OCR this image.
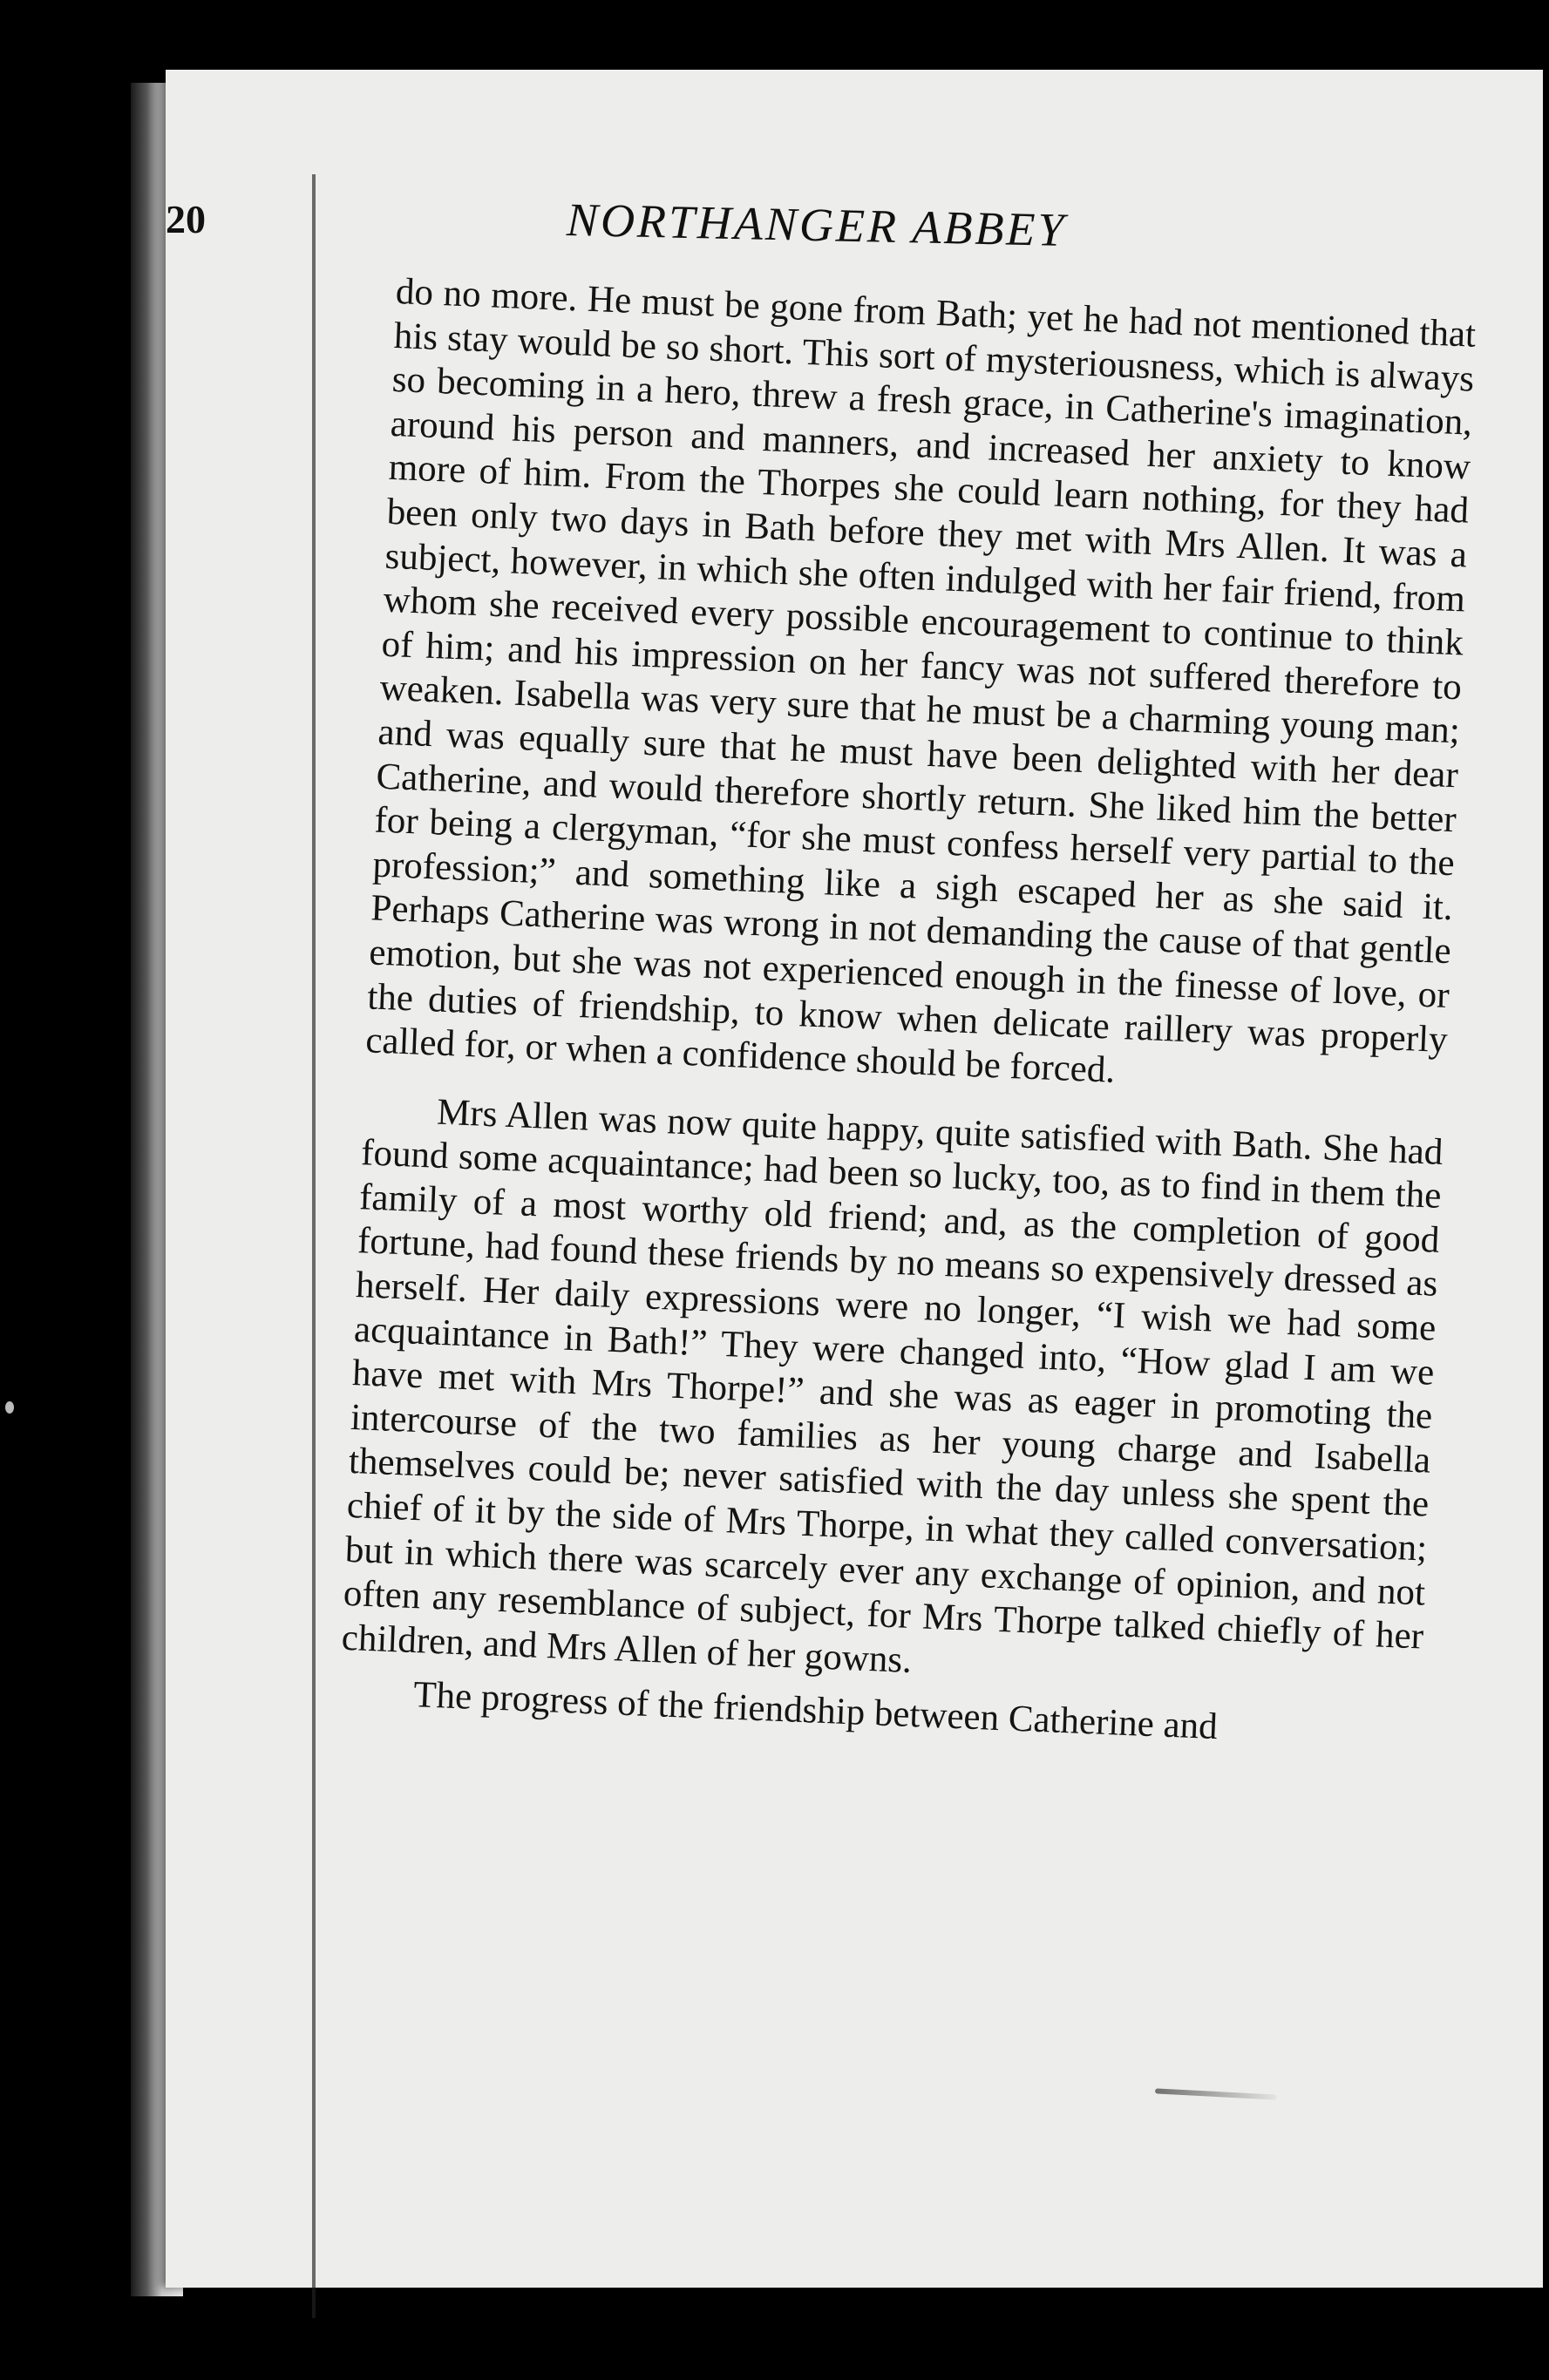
20	NORTHANGER ABBEY

do no more. He must be gone from Bath; yet he had not mentioned that his stay would be so short. This sort of mysteriousness, which is always so becoming in a hero, threw a fresh grace, in Catherine's imagination, around his person and manners, and increased her anxiety to know more of him. From the Thorpes she could learn nothing, for they had been only two days in Bath before they met with Mrs Allen. It was a subject, however, in which she often indulged with her fair friend, from whom she received every possible encouragement to continue to think of him; and his impression on her fancy was not suffered therefore to weaken. Isabella was very sure that he must be a charming young man; and was equally sure that he must have been delighted with her dear Catherine, and would therefore shortly return. She liked him the better for being a clergyman, “for she must confess herself very partial to the profession;” and something like a sigh escaped her as she said it. Perhaps Catherine was wrong in not demanding the cause of that gentle emotion, but she was not experienced enough in the finesse of love, or the duties of friendship, to know when delicate raillery was properly called for, or when a confidence should be forced.

Mrs Allen was now quite happy, quite satisfied with Bath. She had found some acquaintance; had been so lucky, too, as to find in them the family of a most worthy old friend; and, as the completion of good fortune, had found these friends by no means so expensively dressed as herself. Her daily expressions were no longer, “I wish we had some acquaintance in Bath!” They were changed into, “How glad I am we have met with Mrs Thorpe!” and she was as eager in promoting the intercourse of the two families as her young charge and Isabella themselves could be; never satisfied with the day unless she spent the chief of it by the side of Mrs Thorpe, in what they called conversation; but in which there was scarcely ever any exchange of opinion, and not often any resemblance of subject, for Mrs Thorpe talked chiefly of her children, and Mrs Allen of her gowns.

The progress of the friendship between Catherine and
